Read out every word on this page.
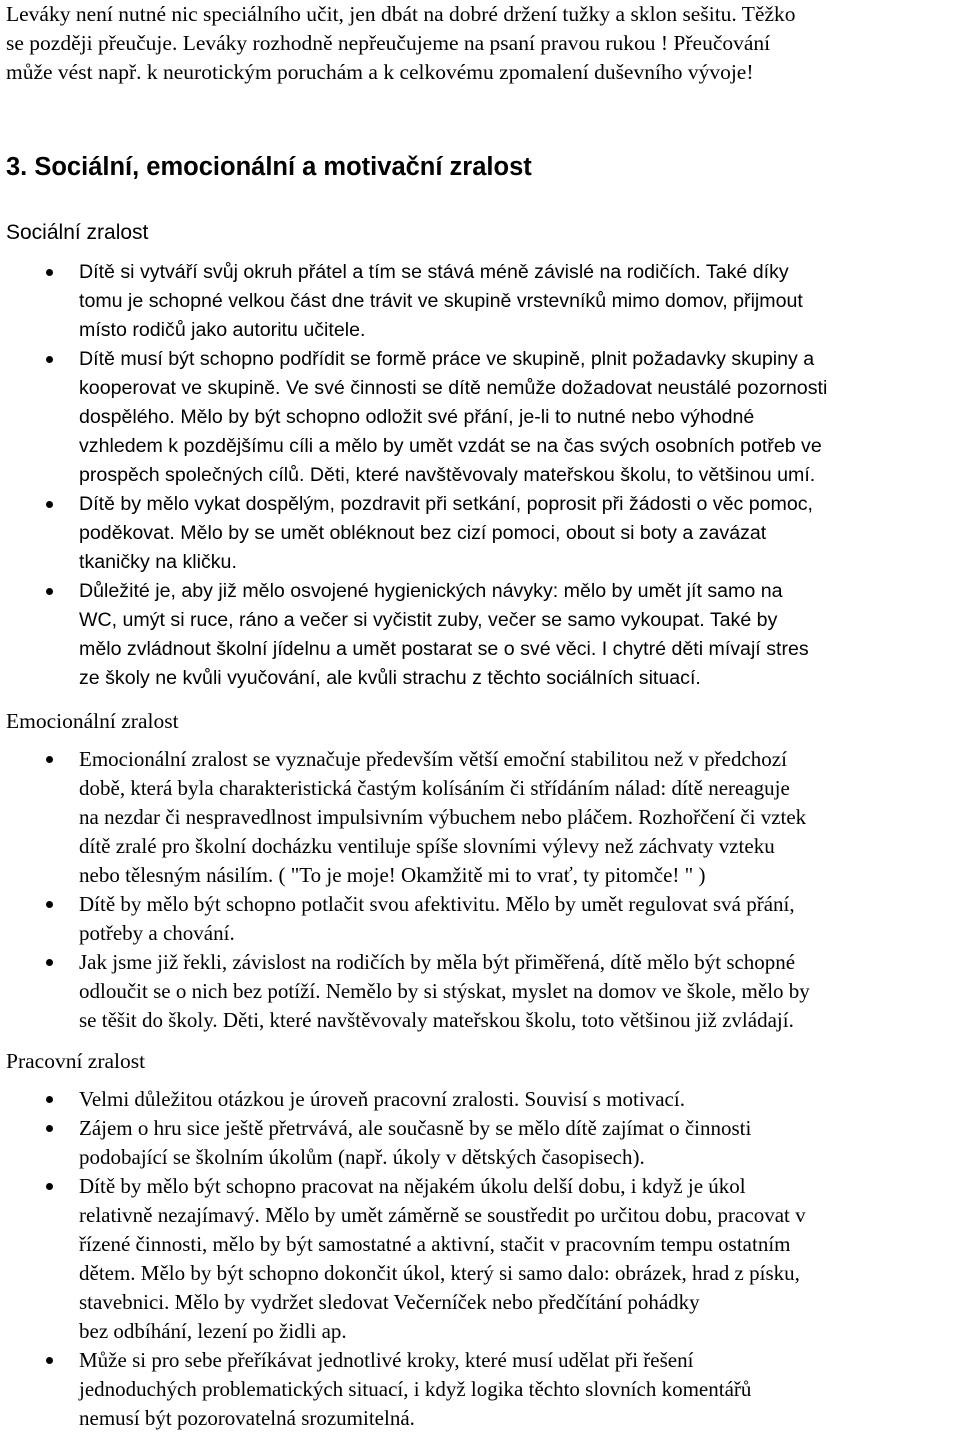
Leváky není nutné nic speciálního učit, jen dbát na dobré držení tužky a sklon sešitu. Těžko
se později přeučuje. Leváky rozhodně nepřeučujeme na psaní pravou rukou ! Přeučování
může vést např. k neurotickým poruchám a k celkovému zpomalení duševního vývoje!

3. Sociální, emocionální a motivační zralost
Sociální zralost
Dítě si vytváří svůj okruh přátel a tím se stává méně závislé na rodičích. Také díky
tomu je schopné velkou část dne trávit ve skupině vrstevníků mimo domov, přijmout
místo rodičů jako autoritu učitele.
Dítě musí být schopno podřídit se formě práce ve skupině, plnit požadavky skupiny a
kooperovat ve skupině. Ve své činnosti se dítě nemůže dožadovat neustálé pozornosti
dospělého. Mělo by být schopno odložit své přání, je-li to nutné nebo výhodné
vzhledem k pozdějšímu cíli a mělo by umět vzdát se na čas svých osobních potřeb ve
prospěch společných cílů. Děti, které navštěvovaly mateřskou školu, to většinou umí.
Dítě by mělo vykat dospělým, pozdravit při setkání, poprosit při žádosti o věc pomoc,
poděkovat. Mělo by se umět obléknout bez cizí pomoci, obout si boty a zavázat
tkaničky na kličku.
Důležité je, aby již mělo osvojené hygienických návyky: mělo by umět jít samo na
WC, umýt si ruce, ráno a večer si vyčistit zuby, večer se samo vykoupat. Také by
mělo zvládnout školní jídelnu a umět postarat se o své věci. I chytré děti mívají stres
ze školy ne kvůli vyučování, ale kvůli strachu z těchto sociálních situací.
Emocionální zralost
Emocionální zralost se vyznačuje především větší emoční stabilitou než v předchozí
době, která byla charakteristická častým kolísáním či střídáním nálad: dítě nereaguje
na nezdar či nespravedlnost impulsivním výbuchem nebo pláčem. Rozhořčení či vztek
dítě zralé pro školní docházku ventiluje spíše slovními výlevy než záchvaty vzteku
nebo tělesným násilím. ( "To je moje! Okamžitě mi to vrať, ty pitomče! " )
Dítě by mělo být schopno potlačit svou afektivitu. Mělo by umět regulovat svá přání,
potřeby a chování.
Jak jsme již řekli, závislost na rodičích by měla být přiměřená, dítě mělo být schopné
odloučit se o nich bez potíží. Nemělo by si stýskat, myslet na domov ve škole, mělo by
se těšit do školy. Děti, které navštěvovaly mateřskou školu, toto většinou již zvládají.
Pracovní zralost
Velmi důležitou otázkou je úroveň pracovní zralosti. Souvisí s motivací.
Zájem o hru sice ještě přetrvává, ale současně by se mělo dítě zajímat o činnosti
podobající se školním úkolům (např. úkoly v dětských časopisech).
Dítě by mělo být schopno pracovat na nějakém úkolu delší dobu, i když je úkol
relativně nezajímavý. Mělo by umět záměrně se soustředit po určitou dobu, pracovat v
řízené činnosti, mělo by být samostatné a aktivní, stačit v pracovním tempu ostatním
dětem. Mělo by být schopno dokončit úkol, který si samo dalo: obrázek, hrad z písku,
stavebnici. Mělo by vydržet sledovat Večerníček nebo předčítání pohádky
bez odbíhání, lezení po židli ap.
Může si pro sebe přeříkávat jednotlivé kroky, které musí udělat při řešení
jednoduchých problematických situací, i když logika těchto slovních komentářů
nemusí být pozorovatelná srozumitelná.
